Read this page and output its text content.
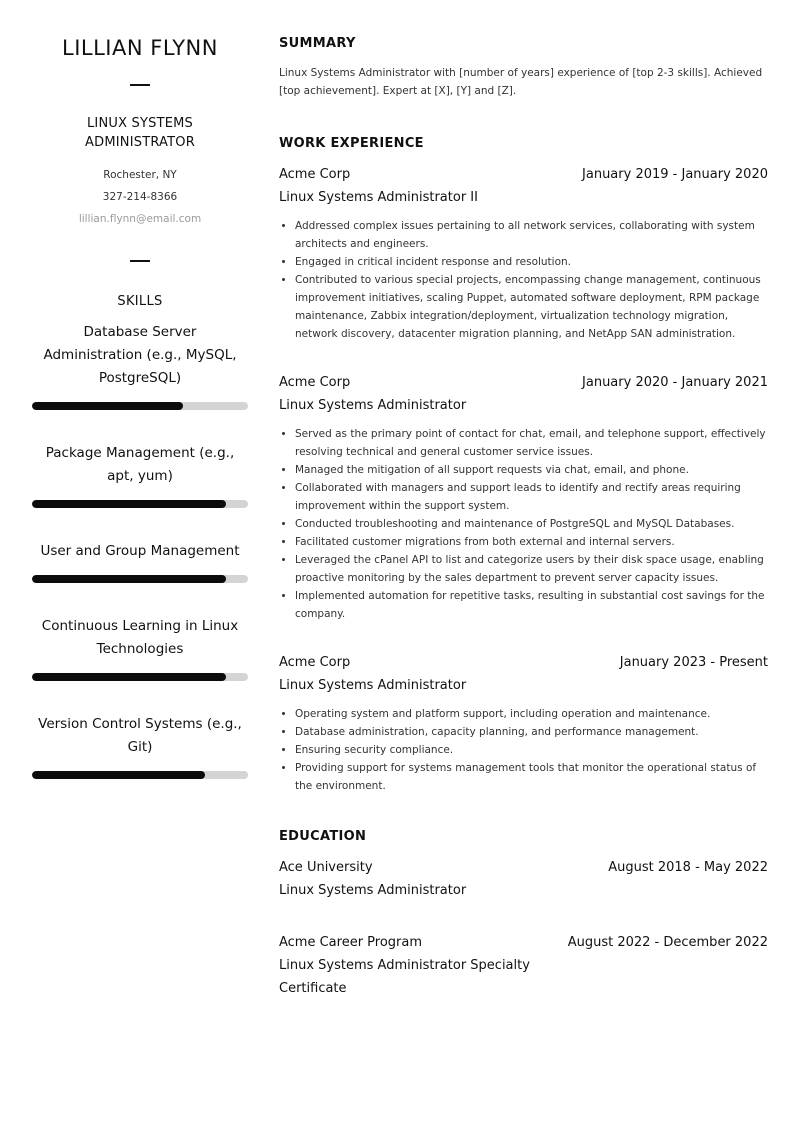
LILLIAN FLYNN
LINUX SYSTEMS ADMINISTRATOR
Rochester, NY
327-214-8366
lillian.flynn@email.com
SKILLS
Database Server Administration (e.g., MySQL, PostgreSQL)
Package Management (e.g., apt, yum)
User and Group Management
Continuous Learning in Linux Technologies
Version Control Systems (e.g., Git)
SUMMARY
Linux Systems Administrator with [number of years] experience of [top 2-3 skills]. Achieved [top achievement]. Expert at [X], [Y] and [Z].
WORK EXPERIENCE
Acme Corp	January 2019 - January 2020
Linux Systems Administrator II
• Addressed complex issues pertaining to all network services, collaborating with system architects and engineers.
• Engaged in critical incident response and resolution.
• Contributed to various special projects, encompassing change management, continuous improvement initiatives, scaling Puppet, automated software deployment, RPM package maintenance, Zabbix integration/deployment, virtualization technology migration, network discovery, datacenter migration planning, and NetApp SAN administration.
Acme Corp	January 2020 - January 2021
Linux Systems Administrator
• Served as the primary point of contact for chat, email, and telephone support, effectively resolving technical and general customer service issues.
• Managed the mitigation of all support requests via chat, email, and phone.
• Collaborated with managers and support leads to identify and rectify areas requiring improvement within the support system.
• Conducted troubleshooting and maintenance of PostgreSQL and MySQL Databases.
• Facilitated customer migrations from both external and internal servers.
• Leveraged the cPanel API to list and categorize users by their disk space usage, enabling proactive monitoring by the sales department to prevent server capacity issues.
• Implemented automation for repetitive tasks, resulting in substantial cost savings for the company.
Acme Corp	January 2023 - Present
Linux Systems Administrator
• Operating system and platform support, including operation and maintenance.
• Database administration, capacity planning, and performance management.
• Ensuring security compliance.
• Providing support for systems management tools that monitor the operational status of the environment.
EDUCATION
Ace University	August 2018 - May 2022
Linux Systems Administrator
Acme Career Program	August 2022 - December 2022
Linux Systems Administrator Specialty Certificate
